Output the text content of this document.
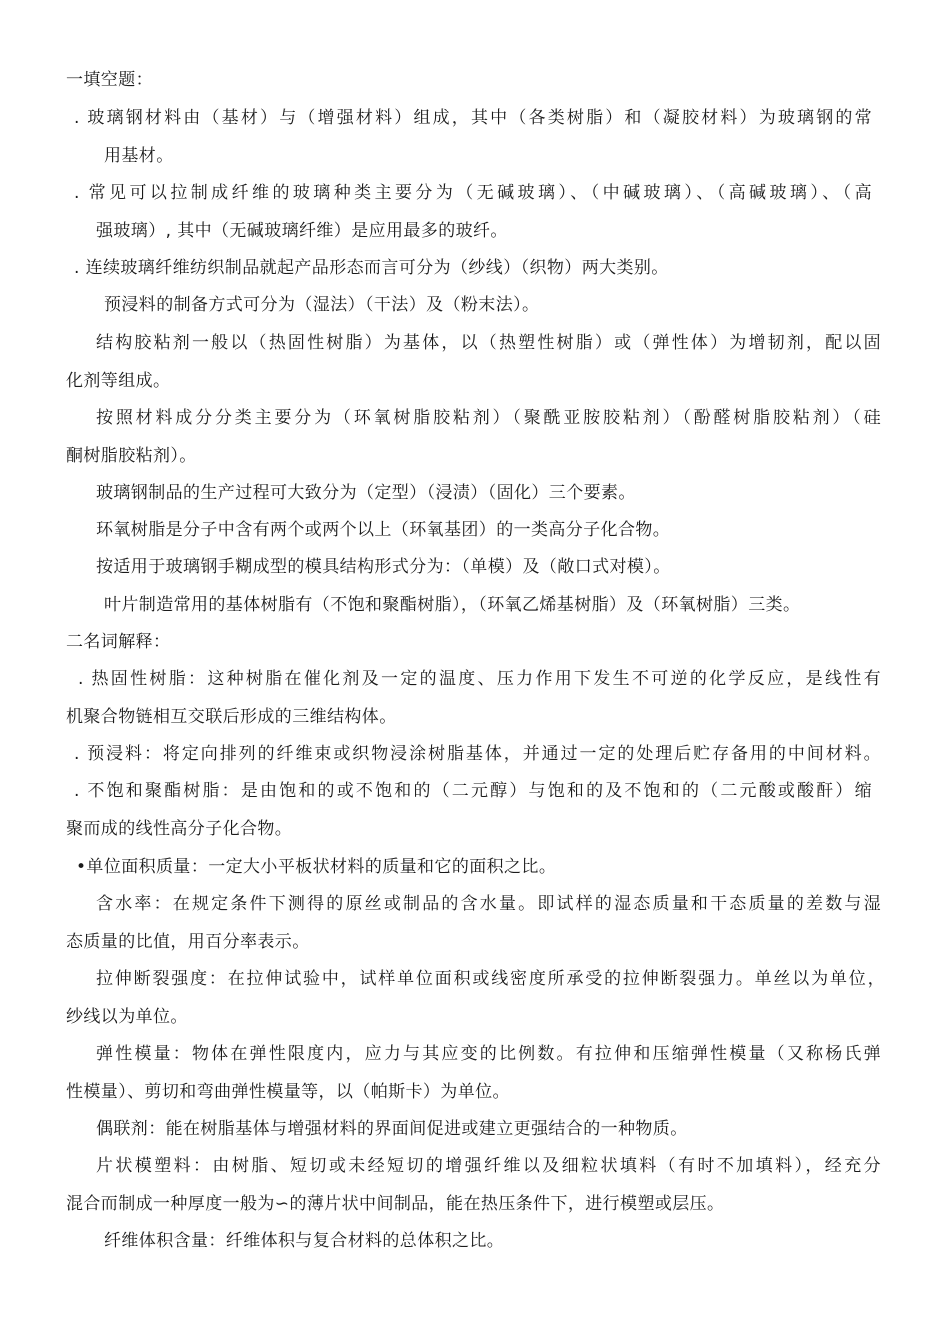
一填空题：
. 玻璃钢材料由（基材）与（增强材料）组成，其中（各类树脂）和（凝胶材料）为玻璃钢的常
用基材。
. 常见可以拉制成纤维的玻璃种类主要分为（无碱玻璃）、（中碱玻璃）、（高碱玻璃）、（高
强玻璃）, 其中（无碱玻璃纤维）是应用最多的玻纤。
. 连续玻璃纤维纺织制品就起产品形态而言可分为（纱线）（织物）两大类别。
预浸料的制备方式可分为（湿法）（干法）及（粉末法）。
结构胶粘剂一般以（热固性树脂）为基体，以（热塑性树脂）或（弹性体）为增韧剂，配以固
化剂等组成。
按照材料成分分类主要分为（环氧树脂胶粘剂）（聚酰亚胺胶粘剂）（酚醛树脂胶粘剂）（硅
酮树脂胶粘剂）。
玻璃钢制品的生产过程可大致分为（定型）（浸渍）（固化）三个要素。
环氧树脂是分子中含有两个或两个以上（环氧基团）的一类高分子化合物。
按适用于玻璃钢手糊成型的模具结构形式分为：（单模）及（敞口式对模）。
叶片制造常用的基体树脂有（不饱和聚酯树脂），（环氧乙烯基树脂）及（环氧树脂）三类。
二名词解释：
. 热固性树脂：这种树脂在催化剂及一定的温度、压力作用下发生不可逆的化学反应，是线性有
机聚合物链相互交联后形成的三维结构体。
. 预浸料：将定向排列的纤维束或织物浸涂树脂基体，并通过一定的处理后贮存备用的中间材料。
. 不饱和聚酯树脂：是由饱和的或不饱和的（二元醇）与饱和的及不饱和的（二元酸或酸酐）缩
聚而成的线性高分子化合物。
•单位面积质量：一定大小平板状材料的质量和它的面积之比。
含水率：在规定条件下测得的原丝或制品的含水量。即试样的湿态质量和干态质量的差数与湿
态质量的比值，用百分率表示。
拉伸断裂强度：在拉伸试验中，试样单位面积或线密度所承受的拉伸断裂强力。单丝以为单位，
纱线以为单位。
弹性模量：物体在弹性限度内，应力与其应变的比例数。有拉伸和压缩弹性模量（又称杨氏弹
性模量）、剪切和弯曲弹性模量等，以（帕斯卡）为单位。
偶联剂：能在树脂基体与增强材料的界面间促进或建立更强结合的一种物质。
片状模塑料：由树脂、短切或未经短切的增强纤维以及细粒状填料（有时不加填料），经充分
混合而制成一种厚度一般为∽的薄片状中间制品，能在热压条件下，进行模塑或层压。
纤维体积含量：纤维体积与复合材料的总体积之比。
